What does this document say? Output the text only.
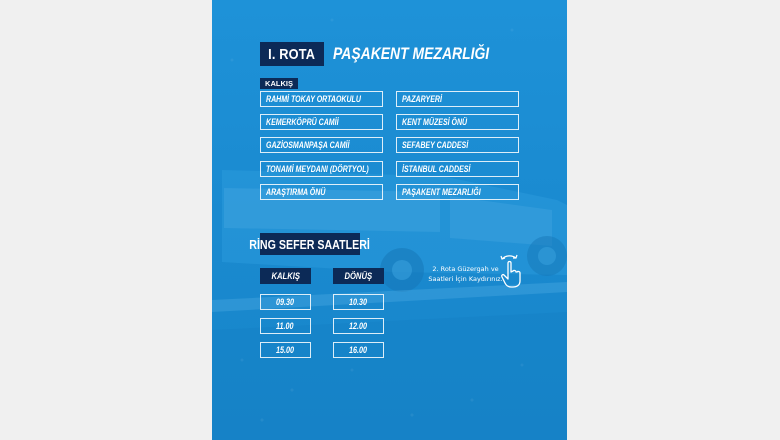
I. ROTA PAŞAKENT MEZARLIĞI
KALKIŞ
RAHMİ TOKAY ORTAOKULU
KEMERKÖPRÜ CAMİİ
GAZİOSMANPAŞA CAMİİ
TONAMİ MEYDANI (DÖRTYOL)
ARAŞTIRMA ÖNÜ
PAZARYERİ
KENT MÜZESİ ÖNÜ
SEFABEY CADDESİ
İSTANBUL CADDESİ
PAŞAKENT MEZARLIĞI
RİNG SEFER SAATLERİ
KALKIŞ	DÖNÜŞ
09.30
11.00
15.00
10.30
12.00
16.00
2. Rota Güzergah ve
Saatleri İçin Kaydırınız.
